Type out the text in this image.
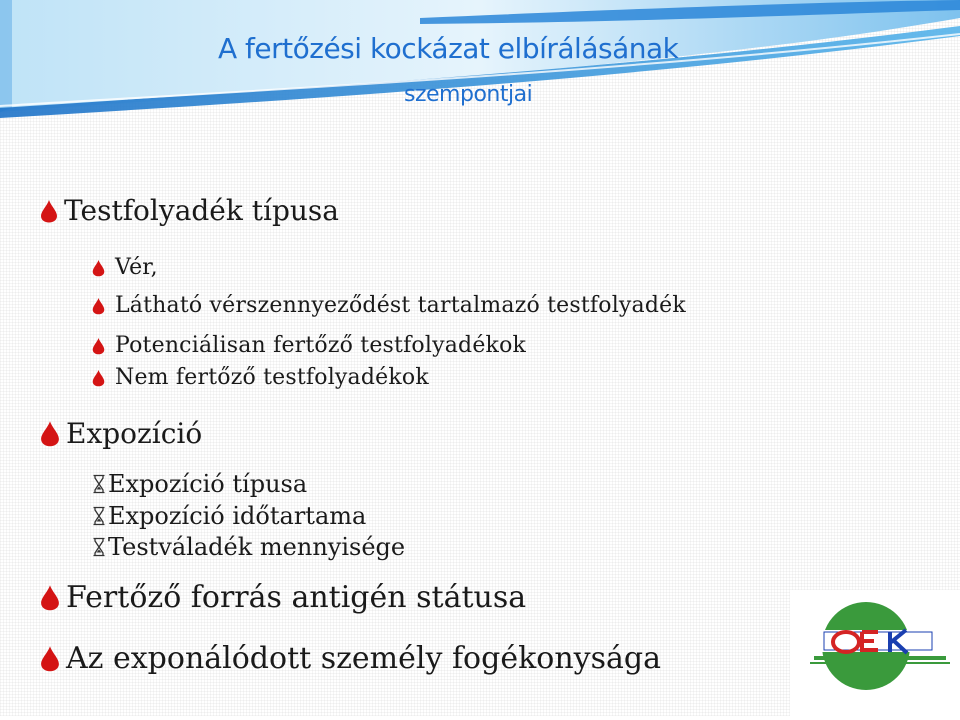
A fertőzési kockázat elbírálásának
szempontjai
Testfolyadék típusa
Vér,
Látható vérszennyeződést tartalmazó testfolyadék
Potenciálisan fertőző testfolyadékok
Nem fertőző testfolyadékok
Expozíció
Expozíció típusa
Expozíció időtartama
Testváladék mennyisége
Fertőző forrás antigén státusa
Az exponálódott személy fogékonysága
